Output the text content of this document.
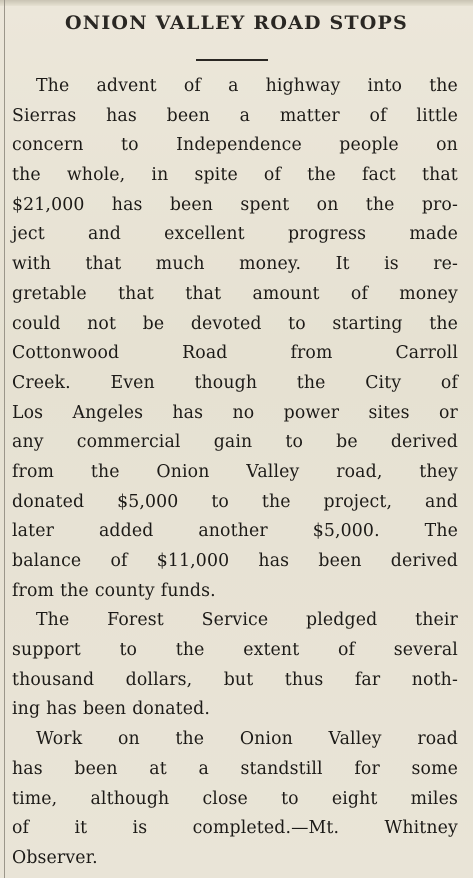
ONION VALLEY ROAD STOPS
The advent of a highway into the
Sierras has been a matter of little
concern to Independence people on
the whole, in spite of the fact that
$21,000 has been spent on the pro-
ject and excellent progress made
with that much money. It is re-
gretable that that amount of money
could not be devoted to starting the
Cottonwood	Road	from	Carroll
Creek. Even though the City of
Los Angeles has no power sites or
any commercial gain to be derived
from the Onion Valley road, they
donated $5,000 to the project, and
later	added	another	$5,000.	The
balance of $11,000 has been derived
from the county funds.
The Forest Service pledged their
support to the extent of several
thousand dollars, but thus far noth-
ing has been donated.
Work on the Onion Valley road
has been at a standstill for some
time, although close to eight miles
of	it	is	completed.—Mt.	Whitney
Observer.
